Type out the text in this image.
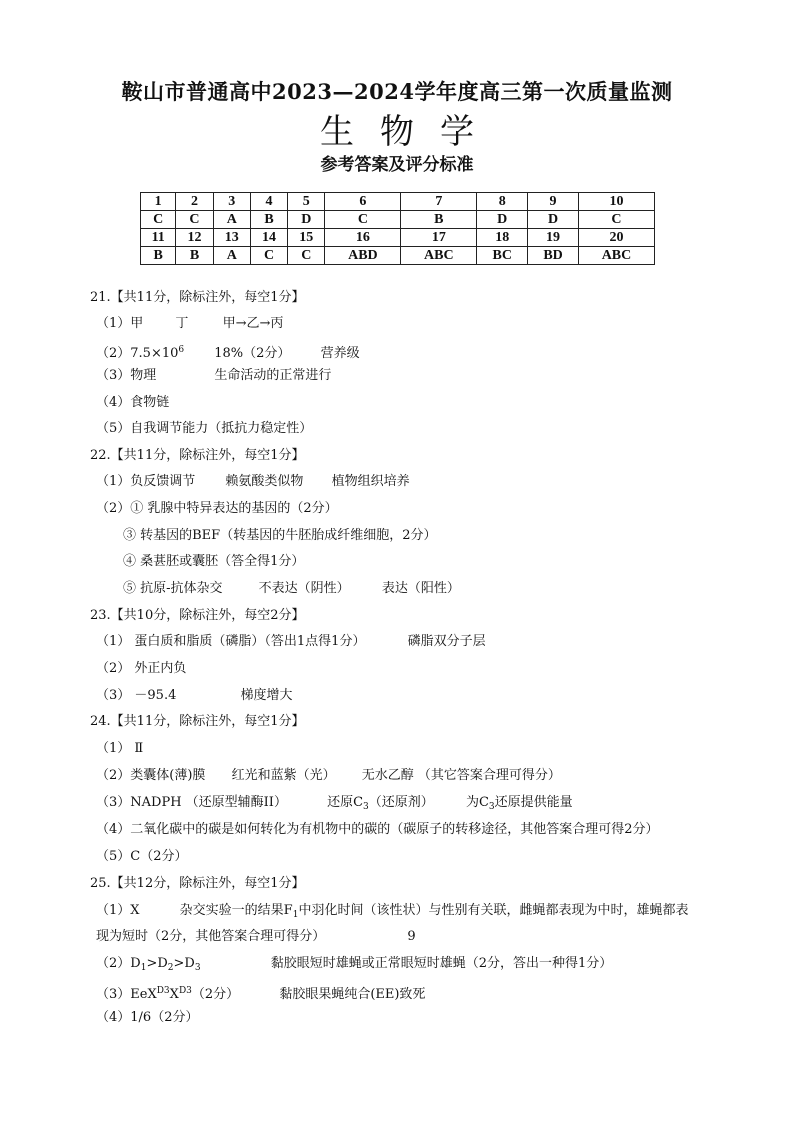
鞍山市普通高中2023—2024学年度高三第一次质量监测
生物学
参考答案及评分标准
1	2	3	4	5	6	7	8	9	10
C	C	A	B	D	C	B	D	D	C
11	12	13	14	15	16	17	18	19	20
B	B	A	C	C	ABD	ABC	BC	BD	ABC
21.【共11分，除标注外，每空1分】
（1）甲 丁	甲→乙→丙
$(2)7.5\times 10^6$ 18%（2分） 营养级
（3）物理	生命活动的正常进行
（4）食物链
（5）自我调节能力（抵抗力稳定性）
22.【共11分，除标注外，每空1分】
（1）负反馈调节 赖氨酸类似物 植物组织培养
（2）① 乳腺中特异表达的基因的（2分）
③ 转基因的BEF（转基因的牛胚胎成纤维细胞，2分）
④ 桑葚胚或囊胚（答全得1分）
⑤ 抗原-抗体杂交	不表达（阴性） 表达（阳性）
23.【共10分，除标注外，每空2分】
（1） 蛋白质和脂质（磷脂）（答出1点得1分）	磷脂双分子层
（2） 外正内负
（3） －95.4	梯度增大
24.【共11分，除标注外，每空1分】
（1） Ⅱ
（2）类囊体(薄)膜 红光和蓝紫（光） 无水乙醇 （其它答案合理可得分）
（3）NADPH （还原型辅酶II）	还原$C_3$（还原剂） 为$C_3$还原提供能量
（4）二氧化碳中的碳是如何转化为有机物中的碳的（碳原子的转移途径，其他答案合理可得2分）
（5）C（2分）
25.【共12分，除标注外，每空1分】
（1）X	杂交实验一的结果$F_1$中羽化时间（该性状）与性别有关联，雌蝇都表现为中时，雄蝇都表
现为短时（2分，其他答案合理可得分）	9
$(2)D_1>D_2>D_3$	黏胶眼短时雄蝇或正常眼短时雄蝇（2分，答出一种得1分）
$(3)EeX^{D3}X^{D3}(2$分）	黏胶眼果蝇纯合(EE)致死
（4）1/6（2分）
